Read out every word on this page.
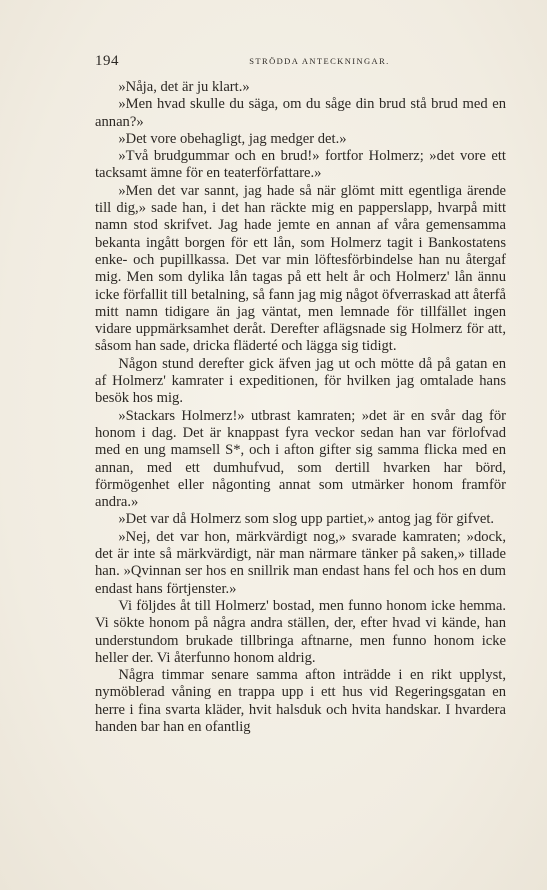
194	STRÖDDA ANTECKNINGAR.

»Nåja, det är ju klart.»

»Men hvad skulle du säga, om du såge din brud stå brud med en annan?»

»Det vore obehagligt, jag medger det.»

»Två brudgummar och en brud!» fortfor Holmerz; »det vore ett tacksamt ämne för en teaterförfattare.»

»Men det var sannt, jag hade så när glömt mitt egentliga ärende till dig,» sade han, i det han räckte mig en papperslapp, hvarpå mitt namn stod skrifvet. Jag hade jemte en annan af våra gemensamma bekanta ingått borgen för ett lån, som Holmerz tagit i Bankostatens enke- och pupillkassa. Det var min löftesförbindelse han nu återgaf mig. Men som dylika lån tagas på ett helt år och Holmerz' lån ännu icke förfallit till betalning, så fann jag mig något öfverraskad att återfå mitt namn tidigare än jag väntat, men lemnade för tillfället ingen vidare uppmärksamhet deråt. Derefter aflägsnade sig Holmerz för att, såsom han sade, dricka fläderté och lägga sig tidigt.

Någon stund derefter gick äfven jag ut och mötte då på gatan en af Holmerz' kamrater i expeditionen, för hvilken jag omtalade hans besök hos mig.

»Stackars Holmerz!» utbrast kamraten; »det är en svår dag för honom i dag. Det är knappast fyra veckor sedan han var förlofvad med en ung mamsell S*, och i afton gifter sig samma flicka med en annan, med ett dumhufvud, som dertill hvarken har börd, förmögenhet eller någonting annat som utmärker honom framför andra.»

»Det var då Holmerz som slog upp partiet,» antog jag för gifvet.

»Nej, det var hon, märkvärdigt nog,» svarade kamraten; »dock, det är inte så märkvärdigt, när man närmare tänker på saken,» tillade han. »Qvinnan ser hos en snillrik man endast hans fel och hos en dum endast hans förtjenster.»

Vi följdes åt till Holmerz' bostad, men funno honom icke hemma. Vi sökte honom på några andra ställen, der, efter hvad vi kände, han understundom brukade tillbringa aftnarne, men funno honom icke heller der. Vi återfunno honom aldrig.

Några timmar senare samma afton inträdde i en rikt upplyst, nymöblerad våning en trappa upp i ett hus vid Regeringsgatan en herre i fina svarta kläder, hvit halsduk och hvita handskar. I hvardera handen bar han en ofantlig
